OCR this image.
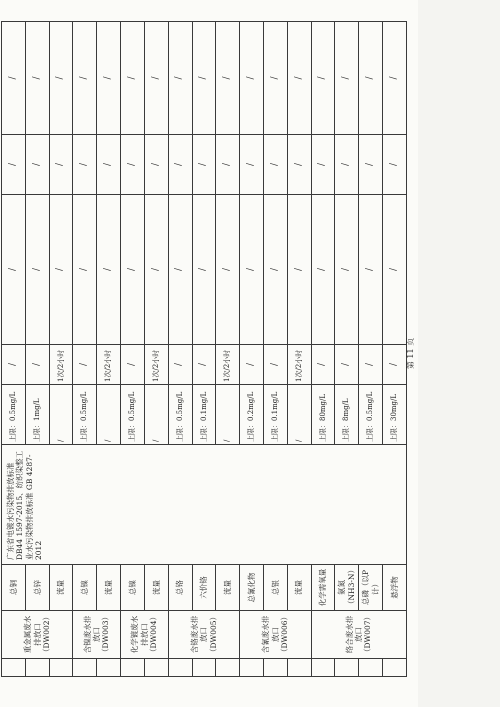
	重金属废水排放口（DW002）	总铜	广东省电镀水污染物排放标准 DB44 1597-2015、纺织染整工业水污染物排放标准 GB 4287-2012	上限：0.5mg/L	/	/	/	/
		总锌		上限：1mg/L	/	/	/	/
		流量		/	1次/2小时	/	/	/
	含镍废水排放口（DW003）	总镍		上限：0.5mg/L	/	/	/	/
		流量		/	1次/2小时	/	/	/
	化学镀废水排放口（DW004）	总镍		上限：0.5mg/L	/	/	/	/
		流量		/	1次/2小时	/	/	/
	含铬废水排放口（DW005）	总铬		上限：0.5mg/L	/	/	/	/
		六价铬		上限：0.1mg/L	/	/	/	/
		流量		/	1次/2小时	/	/	/
	含氰废水排放口（DW006）	总氰化物		上限：0.2mg/L	/	/	/	/
		总银		上限：0.1mg/L	/	/	/	/
		流量		/	1次/2小时	/	/	/
	络合废水排放口（DW007）	化学需氧量		上限：80mg/L	/	/	/	/
		氨氮（NH3-N）		上限：8mg/L	/	/	/	/
		总磷（以P计）		上限：0.5mg/L	/	/	/	/
		悬浮物		上限：30mg/L	/	/	/	/
第 11 页
